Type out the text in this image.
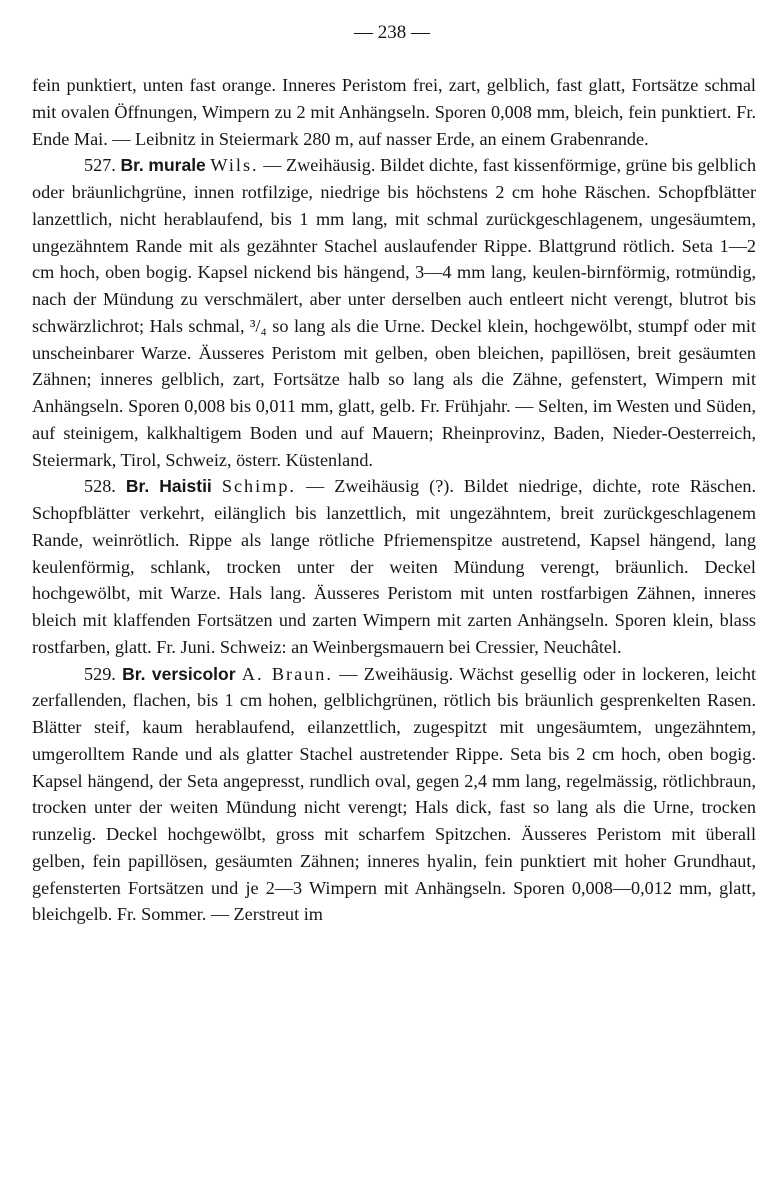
— 238 —

fein punktiert, unten fast orange. Inneres Peristom frei, zart, gelblich, fast glatt, Fortsätze schmal mit ovalen Öffnungen, Wimpern zu 2 mit Anhängseln. Sporen 0,008 mm, bleich, fein punktiert. Fr. Ende Mai. — Leibnitz in Steiermark 280 m, auf nasser Erde, an einem Grabenrande.

527. Br. murale Wils. — Zweihäusig. Bildet dichte, fast kissenförmige, grüne bis gelblich oder bräunlichgrüne, innen rotfilzige, niedrige bis höchstens 2 cm hohe Räschen. Schopfblätter lanzettlich, nicht herablaufend, bis 1 mm lang, mit schmal zurückgeschlagenem, ungesäumtem, ungezähntem Rande mit als gezähnter Stachel auslaufender Rippe. Blattgrund rötlich. Seta 1—2 cm hoch, oben bogig. Kapsel nickend bis hängend, 3—4 mm lang, keulen-birnförmig, rotmündig, nach der Mündung zu verschmälert, aber unter derselben auch entleert nicht verengt, blutrot bis schwärzlichrot; Hals schmal, ³/₄ so lang als die Urne. Deckel klein, hochgewölbt, stumpf oder mit unscheinbarer Warze. Äusseres Peristom mit gelben, oben bleichen, papillösen, breit gesäumten Zähnen; inneres gelblich, zart, Fortsätze halb so lang als die Zähne, gefenstert, Wimpern mit Anhängseln. Sporen 0,008 bis 0,011 mm, glatt, gelb. Fr. Frühjahr. — Selten, im Westen und Süden, auf steinigem, kalkhaltigem Boden und auf Mauern; Rheinprovinz, Baden, Nieder-Oesterreich, Steiermark, Tirol, Schweiz, österr. Küstenland.

528. Br. Haistii Schimp. — Zweihäusig (?). Bildet niedrige, dichte, rote Räschen. Schopfblätter verkehrt, eilänglich bis lanzettlich, mit ungezähntem, breit zurückgeschlagenem Rande, weinrötlich. Rippe als lange rötliche Pfriemenspitze austretend, Kapsel hängend, lang keulenförmig, schlank, trocken unter der weiten Mündung verengt, bräunlich. Deckel hochgewölbt, mit Warze. Hals lang. Äusseres Peristom mit unten rostfarbigen Zähnen, inneres bleich mit klaffenden Fortsätzen und zarten Wimpern mit zarten Anhängseln. Sporen klein, blass rostfarben, glatt. Fr. Juni. Schweiz: an Weinbergsmauern bei Cressier, Neuchâtel.

529. Br. versicolor A. Braun. — Zweihäusig. Wächst gesellig oder in lockeren, leicht zerfallenden, flachen, bis 1 cm hohen, gelblichgrünen, rötlich bis bräunlich gesprenkelten Rasen. Blätter steif, kaum herablaufend, eilanzettlich, zugespitzt mit ungesäumtem, ungezähntem, umgerolltem Rande und als glatter Stachel austretender Rippe. Seta bis 2 cm hoch, oben bogig. Kapsel hängend, der Seta angepresst, rundlich oval, gegen 2,4 mm lang, regelmässig, rötlichbraun, trocken unter der weiten Mündung nicht verengt; Hals dick, fast so lang als die Urne, trocken runzelig. Deckel hochgewölbt, gross mit scharfem Spitzchen. Äusseres Peristom mit überall gelben, fein papillösen, gesäumten Zähnen; inneres hyalin, fein punktiert mit hoher Grundhaut, gefensterten Fortsätzen und je 2—3 Wimpern mit Anhängseln. Sporen 0,008—0,012 mm, glatt, bleichgelb. Fr. Sommer. — Zerstreut im
